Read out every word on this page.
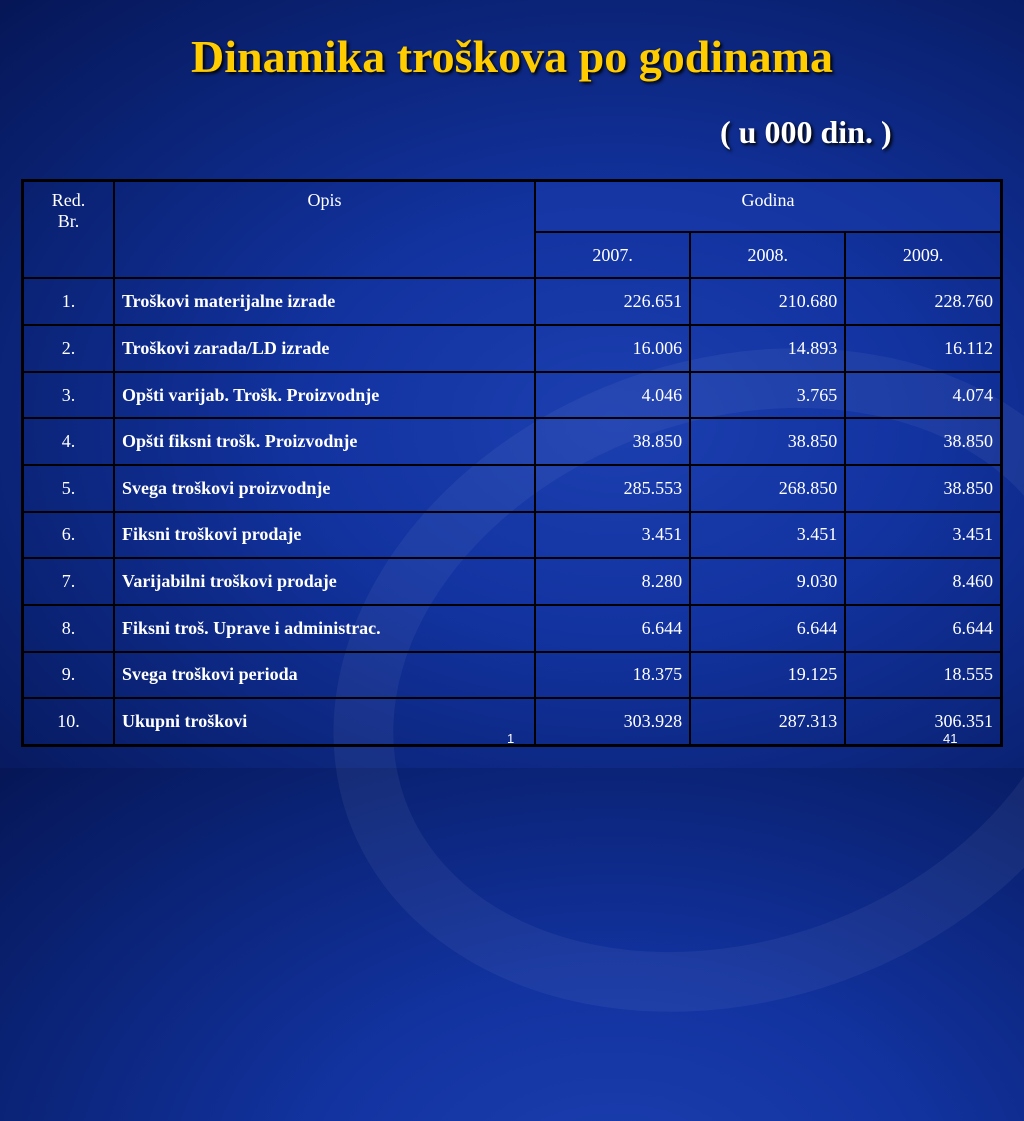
Dinamika troškova po godinama
( u 000 din. )
Red. Br.	Opis	Godina		
		2007.	2008.	2009.
1.	Troškovi materijalne izrade	226.651	210.680	228.760
2.	Troškovi zarada/LD izrade	16.006	14.893	16.112
3.	Opšti varijab. Trošk. Proizvodnje	4.046	3.765	4.074
4.	Opšti fiksni trošk. Proizvodnje	38.850	38.850	38.850
5.	Svega troškovi proizvodnje	285.553	268.850	38.850
6.	Fiksni troškovi prodaje	3.451	3.451	3.451
7.	Varijabilni troškovi prodaje	8.280	9.030	8.460
8.	Fiksni troš. Uprave i administrac.	6.644	6.644	6.644
9.	Svega troškovi perioda	18.375	19.125	18.555
10.	Ukupni troškovi	303.928	287.313	306.351
1	41
